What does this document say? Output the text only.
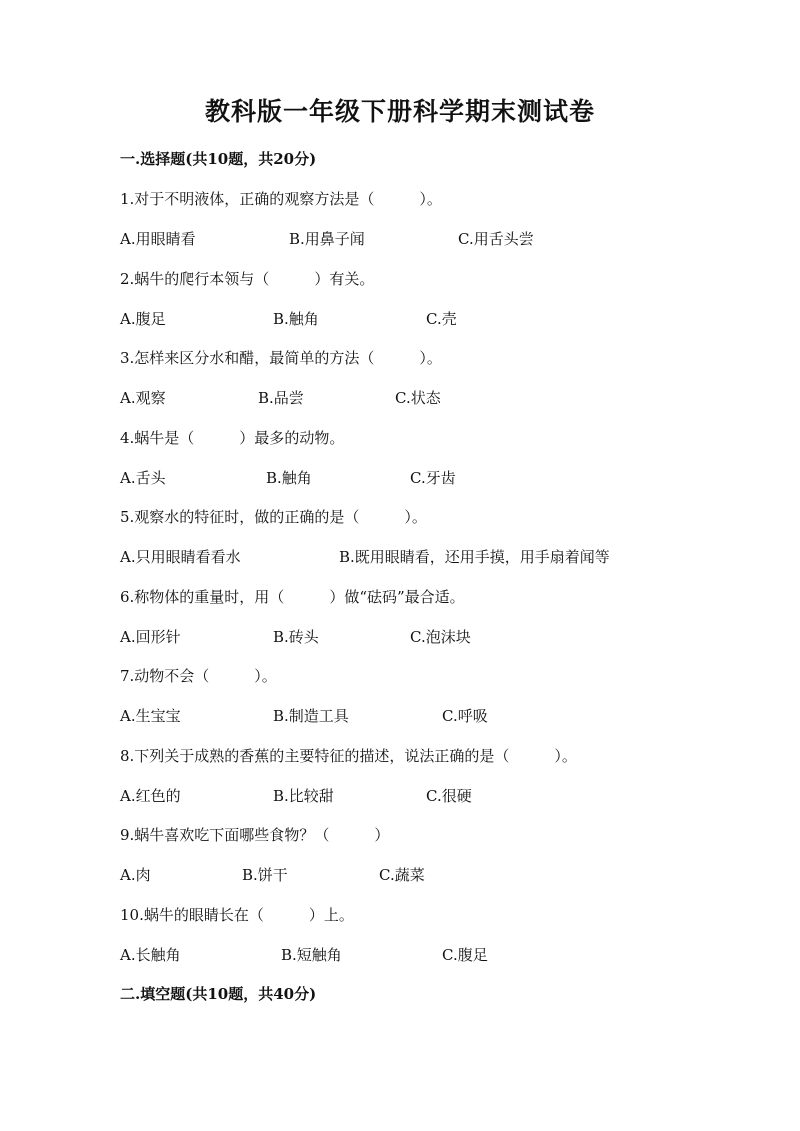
教科版一年级下册科学期末测试卷
一.选择题(共10题，共20分)
1.对于不明液体，正确的观察方法是（　　　）。
A.用眼睛看	B.用鼻子闻	C.用舌头尝
2.蜗牛的爬行本领与（　　　）有关。
A.腹足	B.触角	C.壳
3.怎样来区分水和醋，最简单的方法（　　　）。
A.观察	B.品尝	C.状态
4.蜗牛是（　　　）最多的动物。
A.舌头	B.触角	C.牙齿
5.观察水的特征时，做的正确的是（　　　）。
A.只用眼睛看看水	B.既用眼睛看，还用手摸，用手扇着闻等
6.称物体的重量时，用（　　　）做“砝码”最合适。
A.回形针	B.砖头	C.泡沫块
7.动物不会（　　　）。
A.生宝宝	B.制造工具	C.呼吸
8.下列关于成熟的香蕉的主要特征的描述，说法正确的是（　　　）。
A.红色的	B.比较甜	C.很硬
9.蜗牛喜欢吃下面哪些食物？（　　　）
A.肉	B.饼干	C.蔬菜
10.蜗牛的眼睛长在（　　　）上。
A.长触角	B.短触角	C.腹足
二.填空题(共10题，共40分)
